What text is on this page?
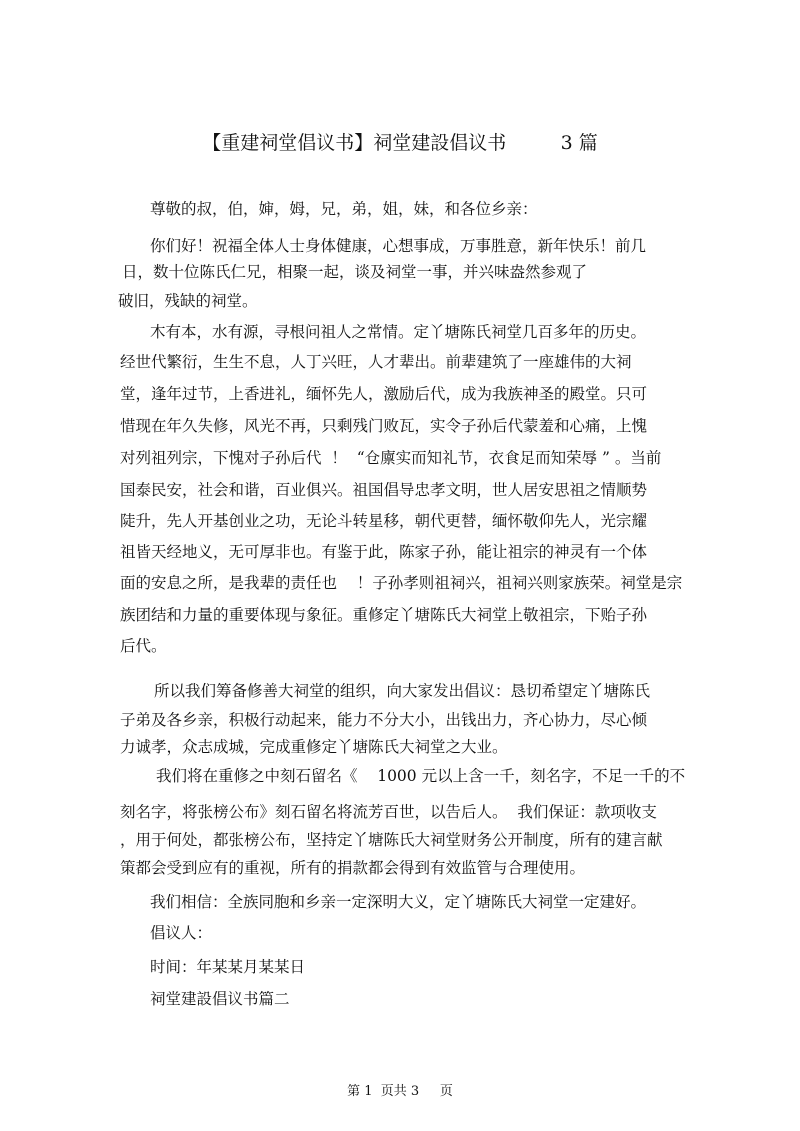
【重建祠堂倡议书】祠堂建設倡议书         3 篇
尊敬的叔，伯，婶，姆，兄，弟，姐，妹，和各位乡亲：
你们好！祝福全体人士身体健康，心想事成，万事胜意，新年快乐！前几
日，数十位陈氏仁兄，相聚一起，谈及祠堂一事，并兴味盎然参观了
破旧，残缺的祠堂。
木有本，水有源，寻根问祖人之常情。定丫塘陈氏祠堂几百多年的历史。
经世代繁衍，生生不息，人丁兴旺，人才辈出。前辈建筑了一座雄伟的大祠
堂，逢年过节，上香进礼，缅怀先人，激励后代，成为我族神圣的殿堂。只可
惜现在年久失修，风光不再，只剩残门败瓦，实令子孙后代蒙羞和心痛，上愧
对列祖列宗，下愧对子孙后代  ！  “仓廪实而知礼节，衣食足而知荣辱 ” 。当前
国泰民安，社会和谐，百业俱兴。祖国倡导忠孝文明，世人居安思祖之情顺势
陡升，先人开基创业之功，无论斗转星移，朝代更替，缅怀敬仰先人，光宗耀
祖皆天经地义，无可厚非也。有鉴于此，陈家子孙，能让祖宗的神灵有一个体
面的安息之所，是我辈的责任也    ！子孙孝则祖祠兴，祖祠兴则家族荣。祠堂是宗
族团结和力量的重要体现与象征。重修定丫塘陈氏大祠堂上敬祖宗，下贻子孙
后代。
所以我们筹备修善大祠堂的组织，向大家发出倡议：恳切希望定丫塘陈氏
子弟及各乡亲，积极行动起来，能力不分大小，出钱出力，齐心协力，尽心倾
力诚孝，众志成城，完成重修定丫塘陈氏大祠堂之大业。
我们将在重修之中刻石留名《    1000 元以上含一千，刻名字，不足一千的不
刻名字，将张榜公布》刻石留名将流芳百世，以告后人。  我们保证：款项收支
，用于何处，都张榜公布，坚持定丫塘陈氏大祠堂财务公开制度，所有的建言献
策都会受到应有的重视，所有的捐款都会得到有效监管与合理使用。
我们相信：全族同胞和乡亲一定深明大义，定丫塘陈氏大祠堂一定建好。
倡议人：
时间：年某某月某某日
祠堂建設倡议书篇二
第 1  页共 3     页
